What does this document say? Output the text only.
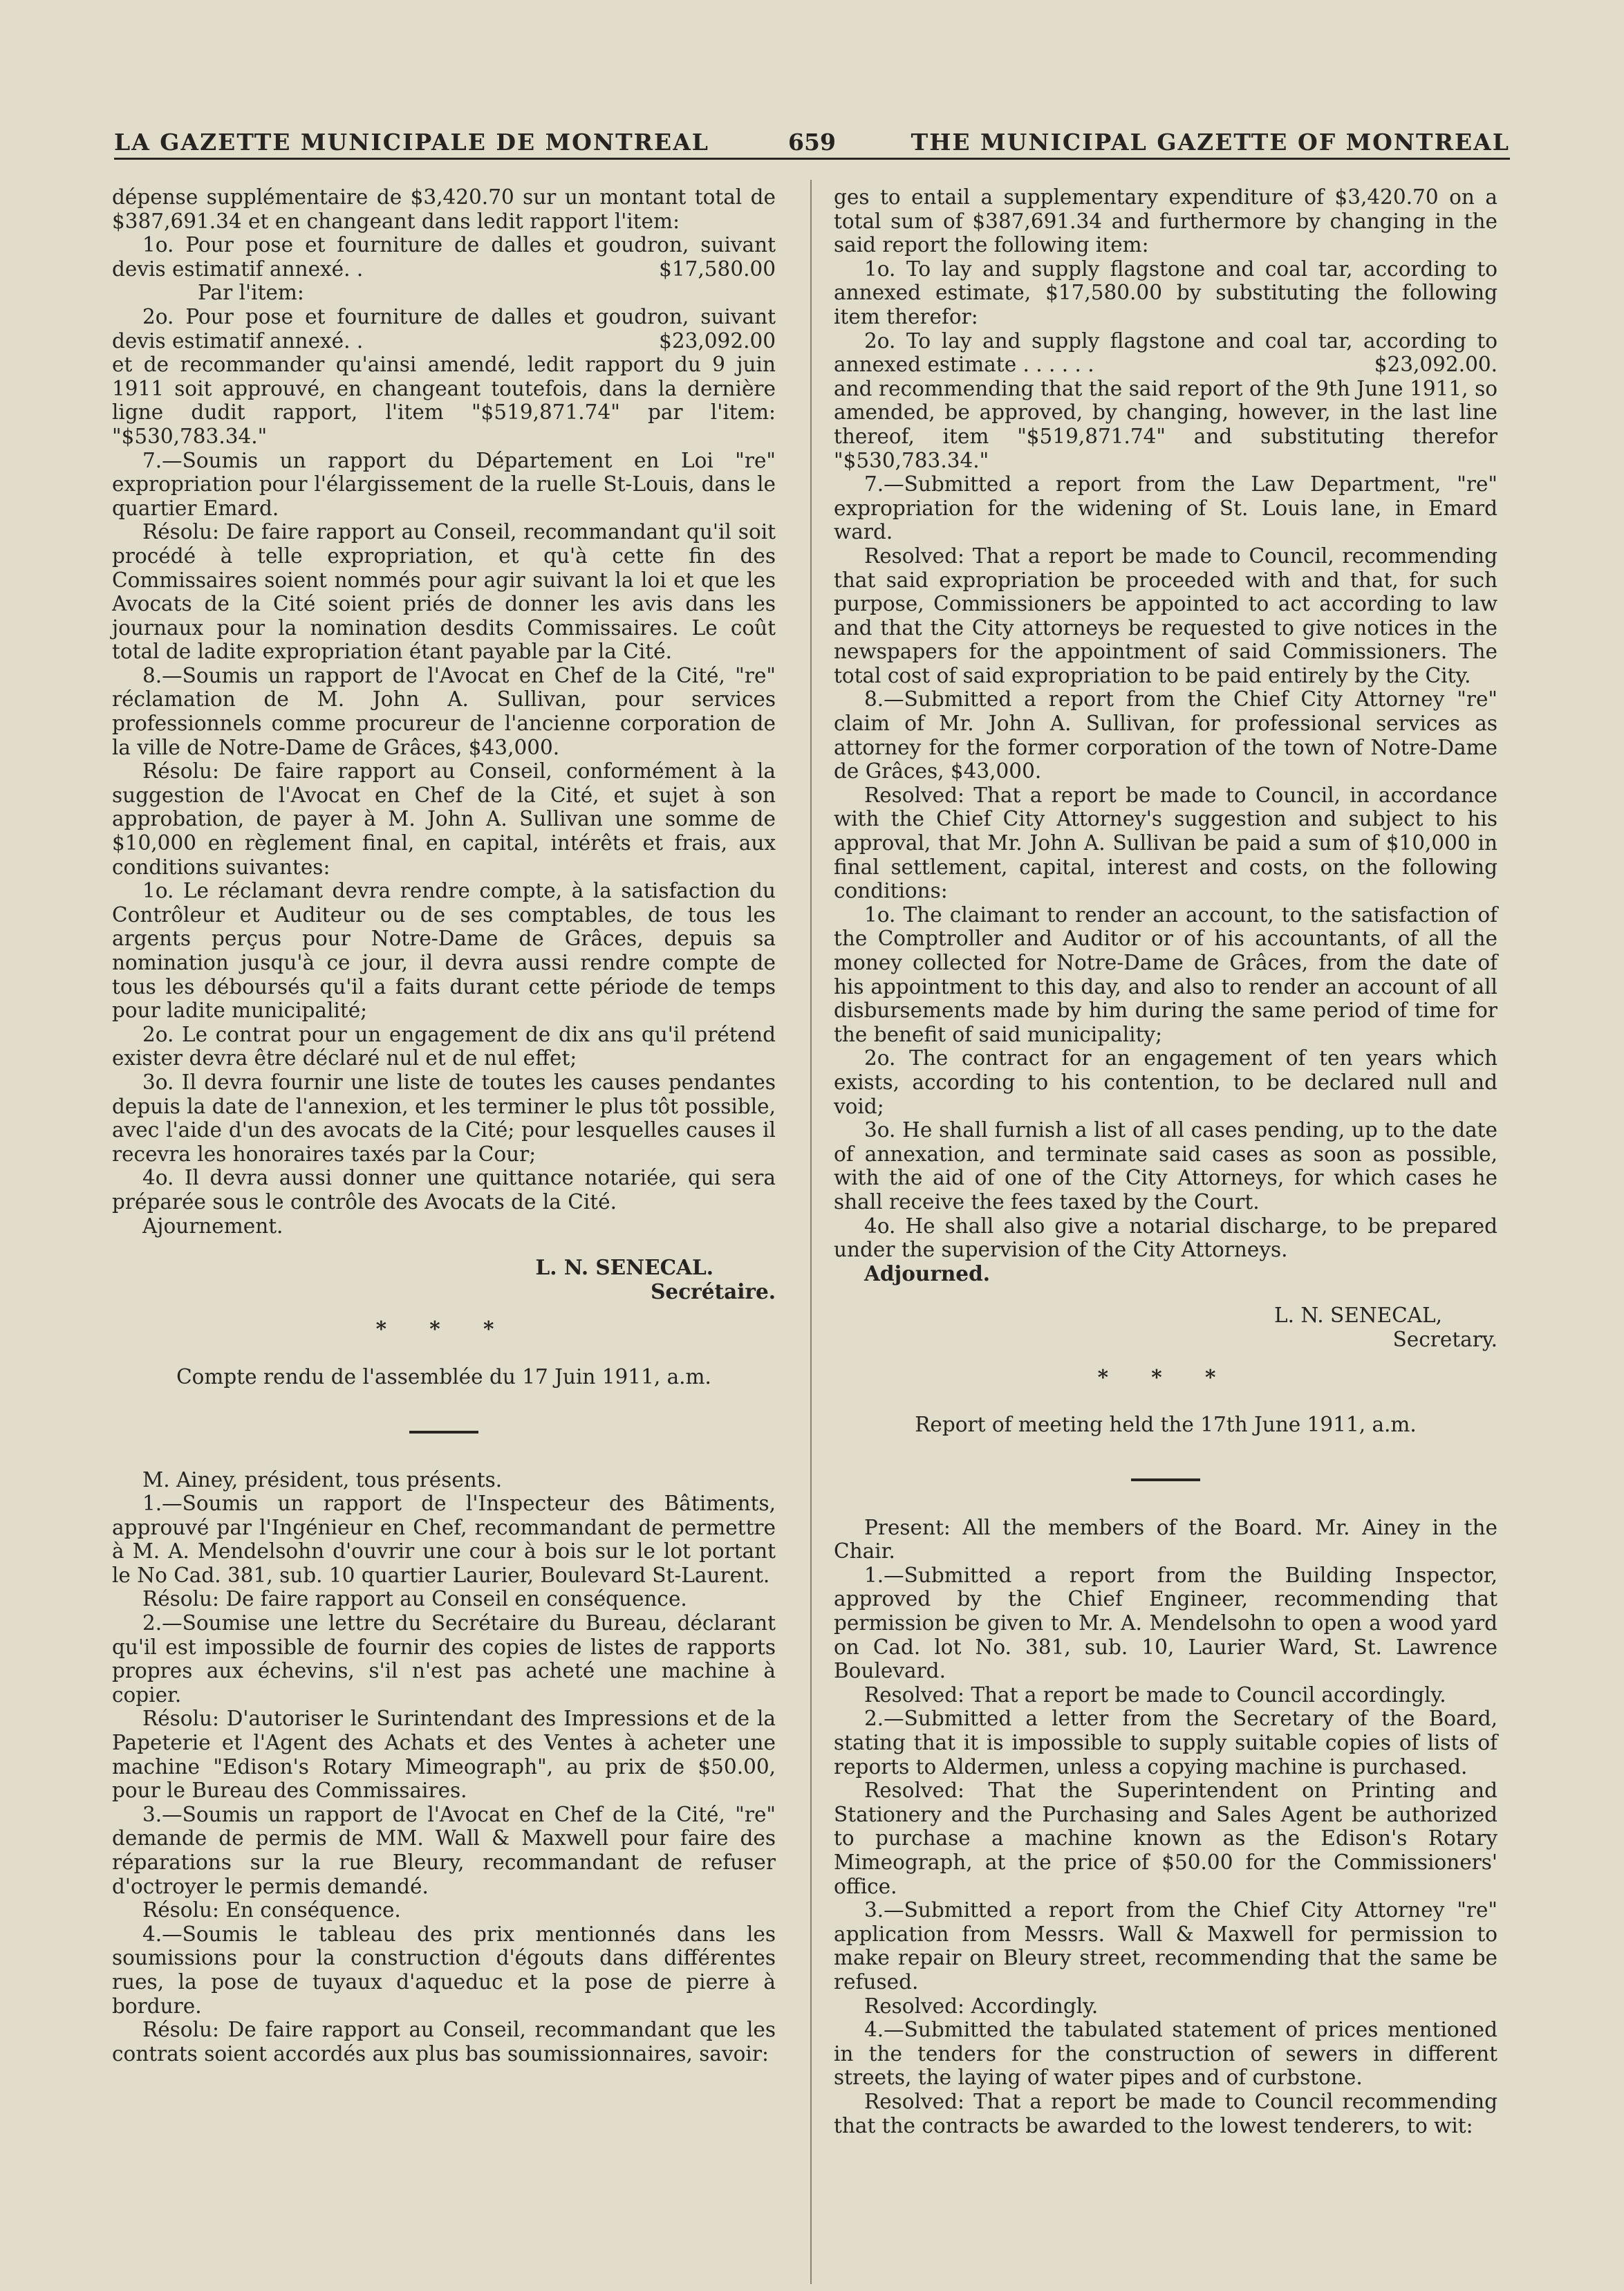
LA GAZETTE MUNICIPALE DE MONTREAL	659	THE MUNICIPAL GAZETTE OF MONTREAL

dépense supplémentaire de $3,420.70 sur un montant total de $387,691.34 et en changeant dans ledit rapport l'item:

1o. Pour pose et fourniture de dalles et goudron, suivant devis estimatif annexé. .	$17,580.00

Par l'item:

2o. Pour pose et fourniture de dalles et goudron, suivant devis estimatif annexé. .	$23,092.00

et de recommander qu'ainsi amendé, ledit rapport du 9 juin 1911 soit approuvé, en changeant toutefois, dans la dernière ligne dudit rapport, l'item "$519,871.74" par l'item: "$530,783.34."

7.—Soumis un rapport du Département en Loi "re" expropriation pour l'élargissement de la ruelle St-Louis, dans le quartier Emard.

Résolu: De faire rapport au Conseil, recommandant qu'il soit procédé à telle expropriation, et qu'à cette fin des Commissaires soient nommés pour agir suivant la loi et que les Avocats de la Cité soient priés de donner les avis dans les journaux pour la nomination desdits Commissaires. Le coût total de ladite expropriation étant payable par la Cité.

8.—Soumis un rapport de l'Avocat en Chef de la Cité, "re" réclamation de M. John A. Sullivan, pour services professionnels comme procureur de l'ancienne corporation de la ville de Notre-Dame de Grâces, $43,000.

Résolu: De faire rapport au Conseil, conformément à la suggestion de l'Avocat en Chef de la Cité, et sujet à son approbation, de payer à M. John A. Sullivan une somme de $10,000 en règlement final, en capital, intérêts et frais, aux conditions suivantes:

1o. Le réclamant devra rendre compte, à la satisfaction du Contrôleur et Auditeur ou de ses comptables, de tous les argents perçus pour Notre-Dame de Grâces, depuis sa nomination jusqu'à ce jour, il devra aussi rendre compte de tous les déboursés qu'il a faits durant cette période de temps pour ladite municipalité;

2o. Le contrat pour un engagement de dix ans qu'il prétend exister devra être déclaré nul et de nul effet;

3o. Il devra fournir une liste de toutes les causes pendantes depuis la date de l'annexion, et les terminer le plus tôt possible, avec l'aide d'un des avocats de la Cité; pour lesquelles causes il recevra les honoraires taxés par la Cour;

4o. Il devra aussi donner une quittance notariée, qui sera préparée sous le contrôle des Avocats de la Cité.

Ajournement.

L. N. SENECAL.

Secrétaire.

* * *

Compte rendu de l'assemblée du 17 Juin 1911, a.m.

M. Ainey, président, tous présents.

1.—Soumis un rapport de l'Inspecteur des Bâtiments, approuvé par l'Ingénieur en Chef, recommandant de permettre à M. A. Mendelsohn d'ouvrir une cour à bois sur le lot portant le No Cad. 381, sub. 10 quartier Laurier, Boulevard St-Laurent.

Résolu: De faire rapport au Conseil en conséquence.

2.—Soumise une lettre du Secrétaire du Bureau, déclarant qu'il est impossible de fournir des copies de listes de rapports propres aux échevins, s'il n'est pas acheté une machine à copier.

Résolu: D'autoriser le Surintendant des Impressions et de la Papeterie et l'Agent des Achats et des Ventes à acheter une machine "Edison's Rotary Mimeograph", au prix de $50.00, pour le Bureau des Commissaires.

3.—Soumis un rapport de l'Avocat en Chef de la Cité, "re" demande de permis de MM. Wall & Maxwell pour faire des réparations sur la rue Bleury, recommandant de refuser d'octroyer le permis demandé.

Résolu: En conséquence.

4.—Soumis le tableau des prix mentionnés dans les soumissions pour la construction d'égouts dans différentes rues, la pose de tuyaux d'aqueduc et la pose de pierre à bordure.

Résolu: De faire rapport au Conseil, recommandant que les contrats soient accordés aux plus bas soumissionnaires, savoir:

ges to entail a supplementary expenditure of $3,420.70 on a total sum of $387,691.34 and furthermore by changing in the said report the following item:

1o. To lay and supply flagstone and coal tar, according to annexed estimate, $17,580.00 by substituting the following item therefor:

2o. To lay and supply flagstone and coal tar, according to annexed estimate . . . . . .	$23,092.00.

and recommending that the said report of the 9th June 1911, so amended, be approved, by changing, however, in the last line thereof, item "$519,871.74" and substituting therefor "$530,783.34."

7.—Submitted a report from the Law Department, "re" expropriation for the widening of St. Louis lane, in Emard ward.

Resolved: That a report be made to Council, recommending that said expropriation be proceeded with and that, for such purpose, Commissioners be appointed to act according to law and that the City attorneys be requested to give notices in the newspapers for the appointment of said Commissioners. The total cost of said expropriation to be paid entirely by the City.

8.—Submitted a report from the Chief City Attorney "re" claim of Mr. John A. Sullivan, for professional services as attorney for the former corporation of the town of Notre-Dame de Grâces, $43,000.

Resolved: That a report be made to Council, in accordance with the Chief City Attorney's suggestion and subject to his approval, that Mr. John A. Sullivan be paid a sum of $10,000 in final settlement, capital, interest and costs, on the following conditions:

1o. The claimant to render an account, to the satisfaction of the Comptroller and Auditor or of his accountants, of all the money collected for Notre-Dame de Grâces, from the date of his appointment to this day, and also to render an account of all disbursements made by him during the same period of time for the benefit of said municipality;

2o. The contract for an engagement of ten years which exists, according to his contention, to be declared null and void;

3o. He shall furnish a list of all cases pending, up to the date of annexation, and terminate said cases as soon as possible, with the aid of one of the City Attorneys, for which cases he shall receive the fees taxed by the Court.

4o. He shall also give a notarial discharge, to be prepared under the supervision of the City Attorneys.

Adjourned.

L. N. SENECAL,

Secretary.

* * *

Report of meeting held the 17th June 1911, a.m.

Present: All the members of the Board. Mr. Ainey in the Chair.

1.—Submitted a report from the Building Inspector, approved by the Chief Engineer, recommending that permission be given to Mr. A. Mendelsohn to open a wood yard on Cad. lot No. 381, sub. 10, Laurier Ward, St. Lawrence Boulevard.

Resolved: That a report be made to Council accordingly.

2.—Submitted a letter from the Secretary of the Board, stating that it is impossible to supply suitable copies of lists of reports to Aldermen, unless a copying machine is purchased.

Resolved: That the Superintendent on Printing and Stationery and the Purchasing and Sales Agent be authorized to purchase a machine known as the Edison's Rotary Mimeograph, at the price of $50.00 for the Commissioners' office.

3.—Submitted a report from the Chief City Attorney "re" application from Messrs. Wall & Maxwell for permission to make repair on Bleury street, recommending that the same be refused.

Resolved: Accordingly.

4.—Submitted the tabulated statement of prices mentioned in the tenders for the construction of sewers in different streets, the laying of water pipes and of curbstone.

Resolved: That a report be made to Council recommending that the contracts be awarded to the lowest tenderers, to wit:
